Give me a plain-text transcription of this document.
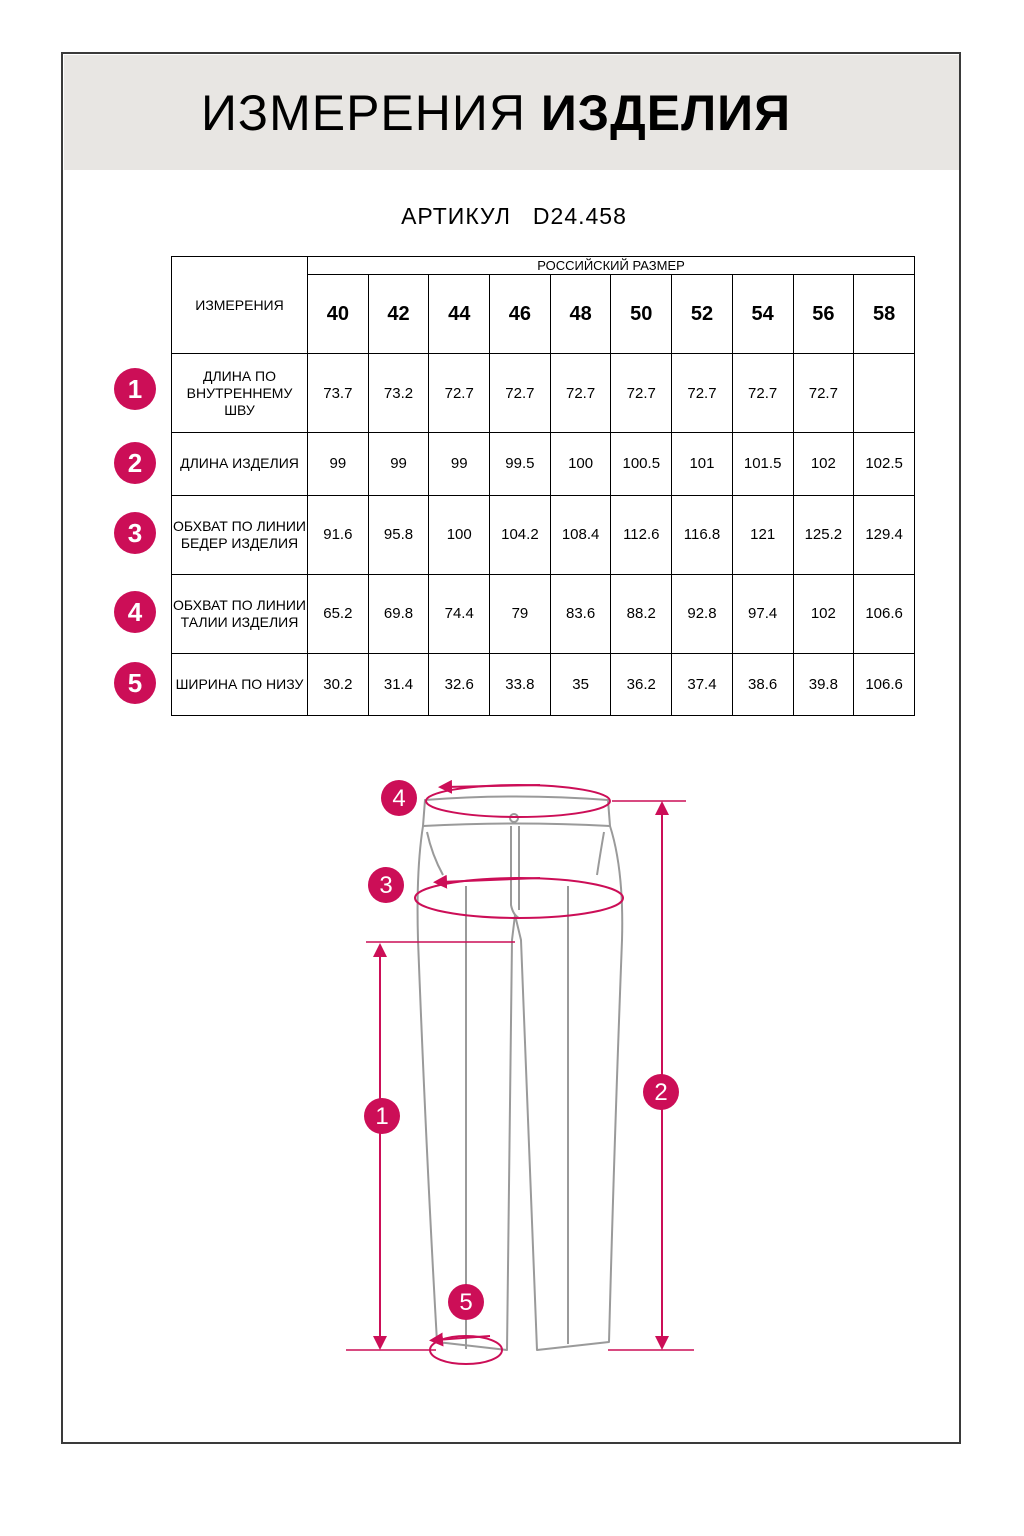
ИЗМЕРЕНИЯ ИЗДЕЛИЯ
АРТИКУЛ D24.458
ИЗМЕРЕНИЯ	РОССИЙСКИЙ РАЗМЕР									
	40	42	44	46	48	50	52	54	56	58
ДЛИНА ПО ВНУТРЕННЕМУ ШВУ	73.7	73.2	72.7	72.7	72.7	72.7	72.7	72.7	72.7	
ДЛИНА ИЗДЕЛИЯ	99	99	99	99.5	100	100.5	101	101.5	102	102.5
ОБХВАТ ПО ЛИНИИ БЕДЕР ИЗДЕЛИЯ	91.6	95.8	100	104.2	108.4	112.6	116.8	121	125.2	129.4
ОБХВАТ ПО ЛИНИИ ТАЛИИ ИЗДЕЛИЯ	65.2	69.8	74.4	79	83.6	88.2	92.8	97.4	102	106.6
ШИРИНА ПО НИЗУ	30.2	31.4	32.6	33.8	35	36.2	37.4	38.6	39.8	106.6
1
2
3
4
5
4
3
1
2
5
